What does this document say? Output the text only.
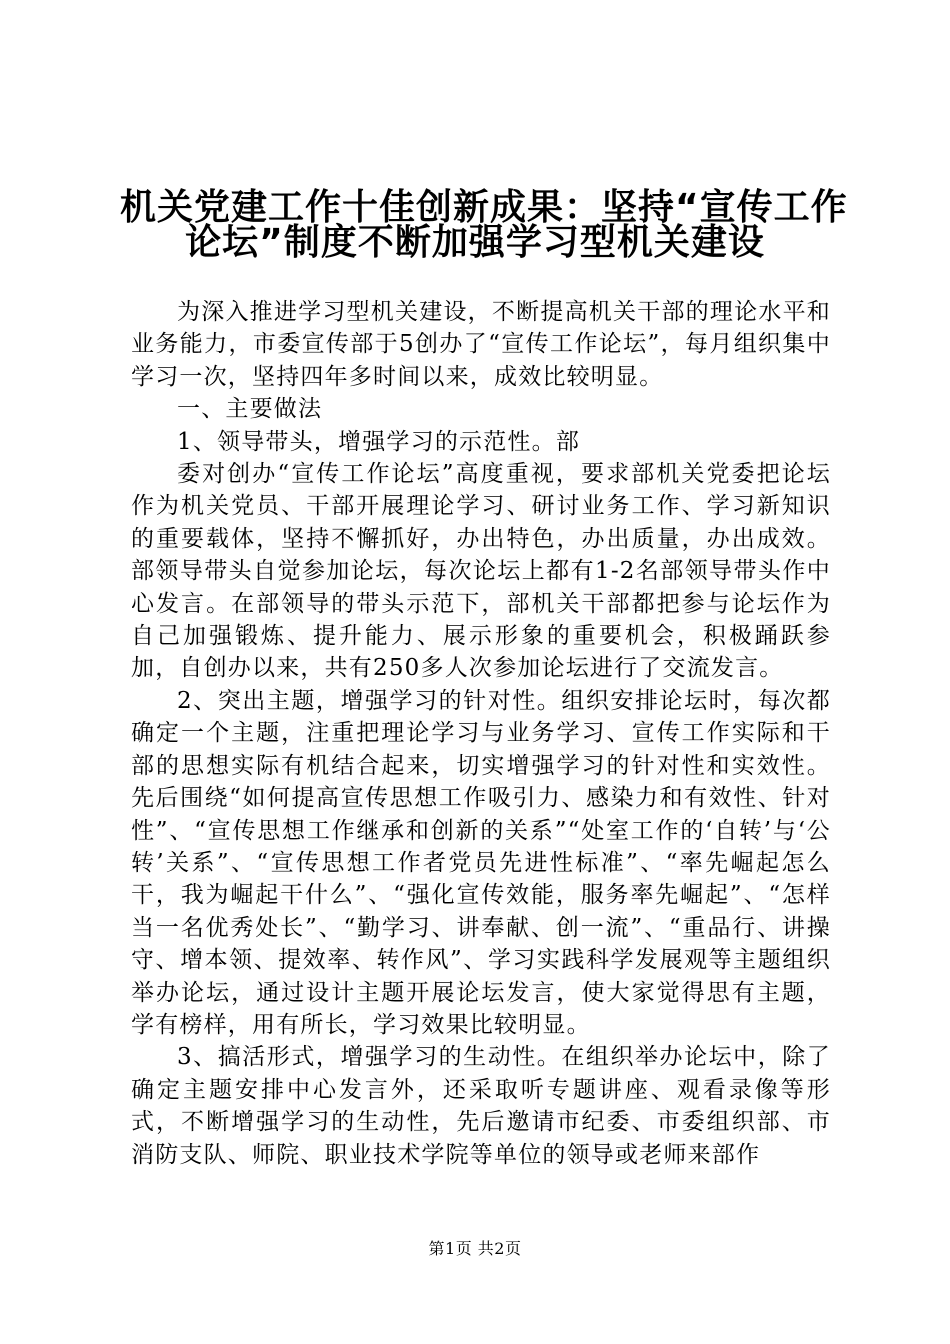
机关党建工作十佳创新成果：坚持“宣传工作
论坛”制度不断加强学习型机关建设

为深入推进学习型机关建设，不断提高机关干部的理论水平和业务能力，市委宣传部于5创办了“宣传工作论坛”，每月组织集中学习一次，坚持四年多时间以来，成效比较明显。

一、主要做法

1、领导带头，增强学习的示范性。部

委对创办“宣传工作论坛”高度重视，要求部机关党委把论坛作为机关党员、干部开展理论学习、研讨业务工作、学习新知识的重要载体，坚持不懈抓好，办出特色，办出质量，办出成效。部领导带头自觉参加论坛，每次论坛上都有1-2名部领导带头作中心发言。在部领导的带头示范下，部机关干部都把参与论坛作为自己加强锻炼、提升能力、展示形象的重要机会，积极踊跃参加，自创办以来，共有250多人次参加论坛进行了交流发言。

2、突出主题，增强学习的针对性。组织安排论坛时，每次都确定一个主题，注重把理论学习与业务学习、宣传工作实际和干部的思想实际有机结合起来，切实增强学习的针对性和实效性。先后围绕“如何提高宣传思想工作吸引力、感染力和有效性、针对性”、“宣传思想工作继承和创新的关系”“处室工作的‘自转’与‘公转’关系”、“宣传思想工作者党员先进性标准”、“率先崛起怎么干，我为崛起干什么”、“强化宣传效能，服务率先崛起”、“怎样当一名优秀处长”、“勤学习、讲奉献、创一流”、“重品行、讲操守、增本领、提效率、转作风”、学习实践科学发展观等主题组织举办论坛，通过设计主题开展论坛发言，使大家觉得思有主题，学有榜样，用有所长，学习效果比较明显。

3、搞活形式，增强学习的生动性。在组织举办论坛中，除了确定主题安排中心发言外，还采取听专题讲座、观看录像等形式，不断增强学习的生动性，先后邀请市纪委、市委组织部、市消防支队、师院、职业技术学院等单位的领导或老师来部作

第1页 共2页
